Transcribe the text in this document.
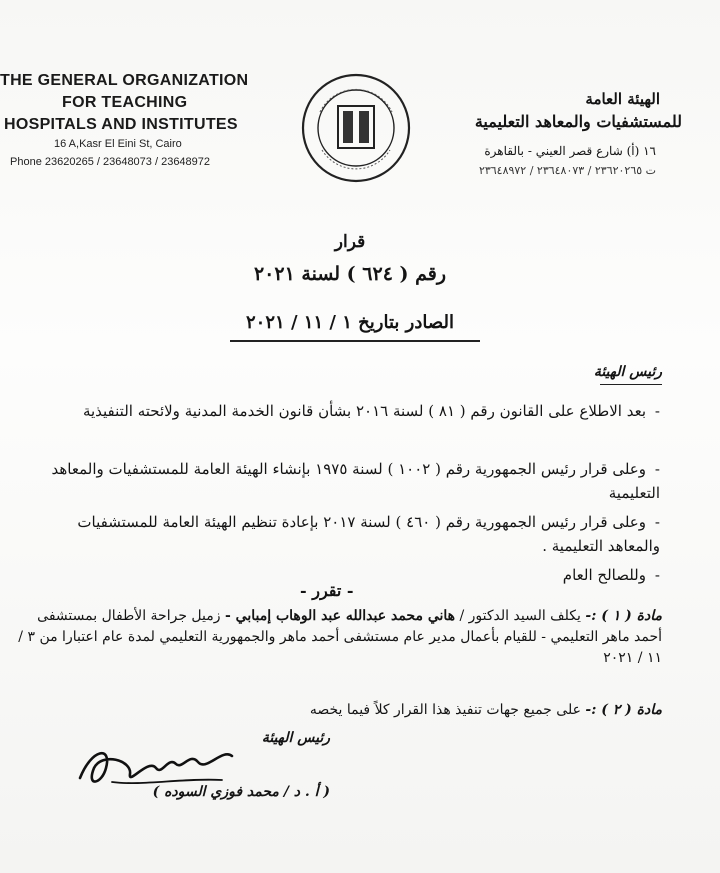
THE GENERAL ORGANIZATION
FOR TEACHING
HOSPITALS AND INSTITUTES
16 A,Kasr El Eini St, Cairo
Phone 23620265 / 23648073 / 23648972
الهيئة العامة
للمستشفيات والمعاهد التعليمية
١٦ (أ) شارع قصر العيني - بالقاهرة
ت ٢٣٦٢٠٢٦٥ / ٢٣٦٤٨٠٧٣ / ٢٣٦٤٨٩٧٢
قرار
رقم ( ٦٢٤ ) لسنة ٢٠٢١
الصادر بتاريخ ١ / ١١ / ٢٠٢١
رئيس الهيئة
-بعد الاطلاع على القانون رقم ( ٨١ ) لسنة ٢٠١٦ بشأن قانون الخدمة المدنية ولائحته التنفيذية
-وعلى قرار رئيس الجمهورية رقم ( ١٠٠٢ ) لسنة ١٩٧٥ بإنشاء الهيئة العامة للمستشفيات والمعاهد التعليمية
-وعلى قرار رئيس الجمهورية رقم ( ٤٦٠ ) لسنة ٢٠١٧ بإعادة تنظيم الهيئة العامة للمستشفيات والمعاهد التعليمية .
-وللصالح العام
- تقرر -
مادة ( ١ ) :- يكلف السيد الدكتور / هاني محمد عبدالله عبد الوهاب إمبابي - زميل جراحة الأطفال بمستشفى أحمد ماهر التعليمي - للقيام بأعمال مدير عام مستشفى أحمد ماهر والجمهورية التعليمي لمدة عام اعتبارا من ٣ / ١١ / ٢٠٢١
مادة ( ٢ ) :- على جميع جهات تنفيذ هذا القرار كلاً فيما يخصه
رئيس الهيئة
( أ . د / محمد فوزي السوده )
